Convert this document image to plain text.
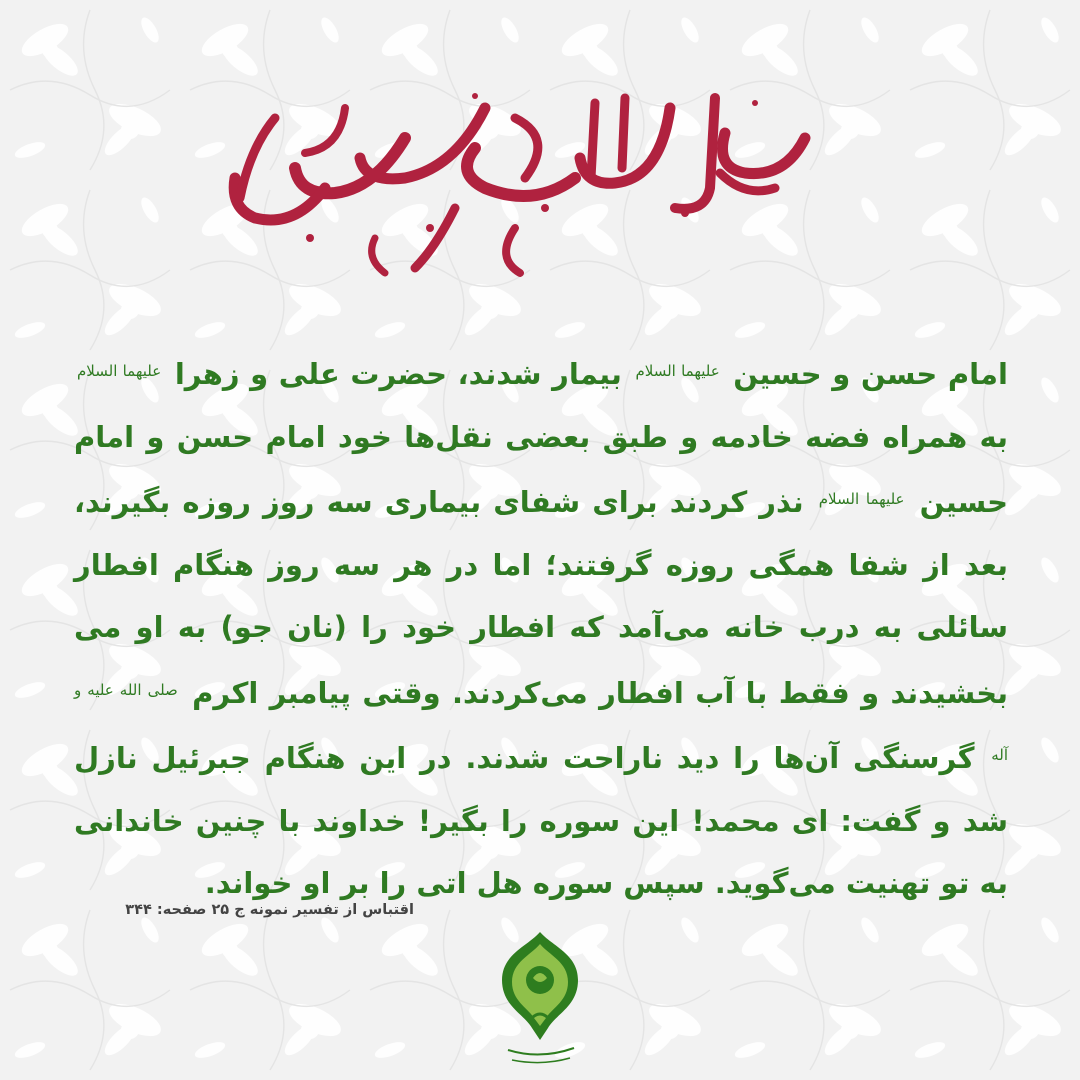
امام حسن و حسین $^{علیهما السلام}$ بیمار شدند، حضرت علی و زهرا $^{علیهما السلام}$ به همراه فضه خادمه و طبق بعضی نقل‌ها خود امام حسن و امام حسین $^{علیهما السلام}$ نذر کردند برای شفای بیماری سه روز روزه بگیرند، بعد از شفا همگی روزه گرفتند؛ اما در هر سه روز هنگام افطار سائلی به درب خانه می‌آمد که افطار خود را (نان جو) به او می بخشیدند و فقط با آب افطار می‌کردند. وقتی پیامبر اکرم $^{صلی الله علیه و آله}$ گرسنگی آن‌ها را دید ناراحت شدند. در این هنگام جبرئیل نازل شد و گفت: ای محمد! این سوره را بگیر! خداوند با چنین خاندانی به تو تهنیت می‌گوید. سپس سوره هل اتی را بر او خواند.
اقتباس از تفسیر نمونه ج ۲۵ صفحه: ۳۴۴
